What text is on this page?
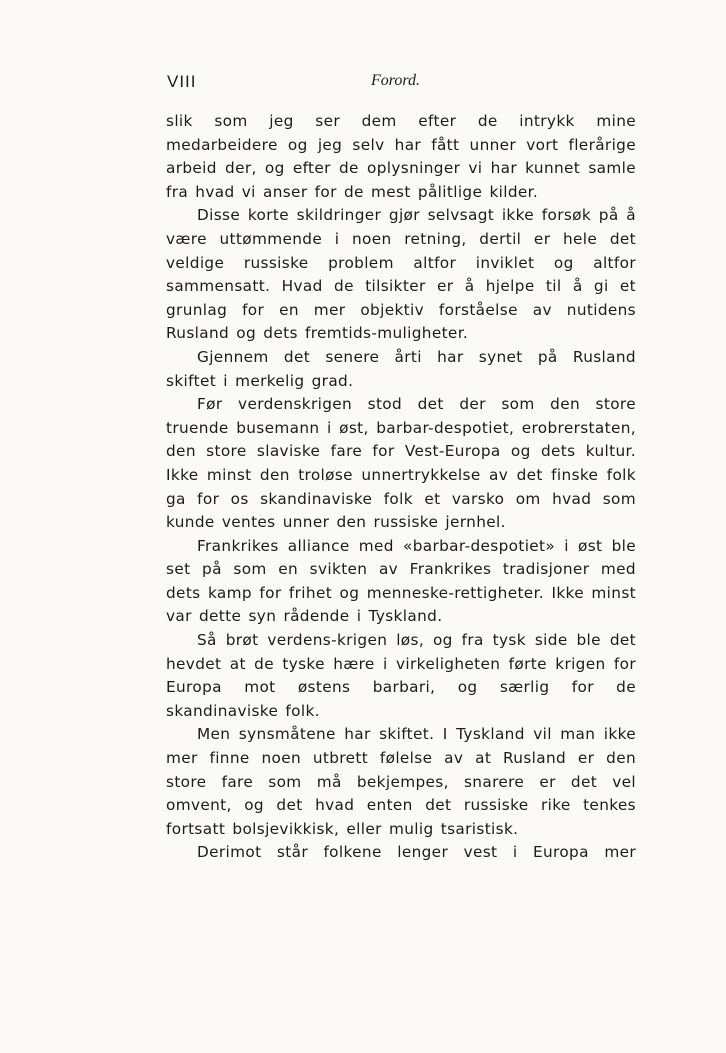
VIII	Forord.

slik som jeg ser dem efter de intrykk mine medarbeidere og jeg selv har fått unner vort flerårige arbeid der, og efter de oplysninger vi har kunnet samle fra hvad vi anser for de mest pålitlige kilder.

Disse korte skildringer gjør selvsagt ikke forsøk på å være uttømmende i noen retning, dertil er hele det veldige russiske problem altfor inviklet og altfor sammensatt. Hvad de tilsikter er å hjelpe til å gi et grunlag for en mer objektiv forståelse av nutidens Rusland og dets fremtids-muligheter.

Gjennem det senere årti har synet på Rusland skiftet i merkelig grad.

Før verdenskrigen stod det der som den store truende busemann i øst, barbar-despotiet, erobrerstaten, den store slaviske fare for Vest-Europa og dets kultur. Ikke minst den troløse unnertrykkelse av det finske folk ga for os skandinaviske folk et varsko om hvad som kunde ventes unner den russiske jernhel.

Frankrikes alliance med «barbar-despotiet» i øst ble set på som en svikten av Frankrikes tradisjoner med dets kamp for frihet og menneske-rettigheter. Ikke minst var dette syn rådende i Tyskland.

Så brøt verdens-krigen løs, og fra tysk side ble det hevdet at de tyske hære i virkeligheten førte krigen for Europa mot østens barbari, og særlig for de skandinaviske folk.

Men synsmåtene har skiftet. I Tyskland vil man ikke mer finne noen utbrett følelse av at Rusland er den store fare som må bekjempes, snarere er det vel omvent, og det hvad enten det russiske rike tenkes fortsatt bolsjevikkisk, eller mulig tsaristisk.

Derimot står folkene lenger vest i Europa mer
